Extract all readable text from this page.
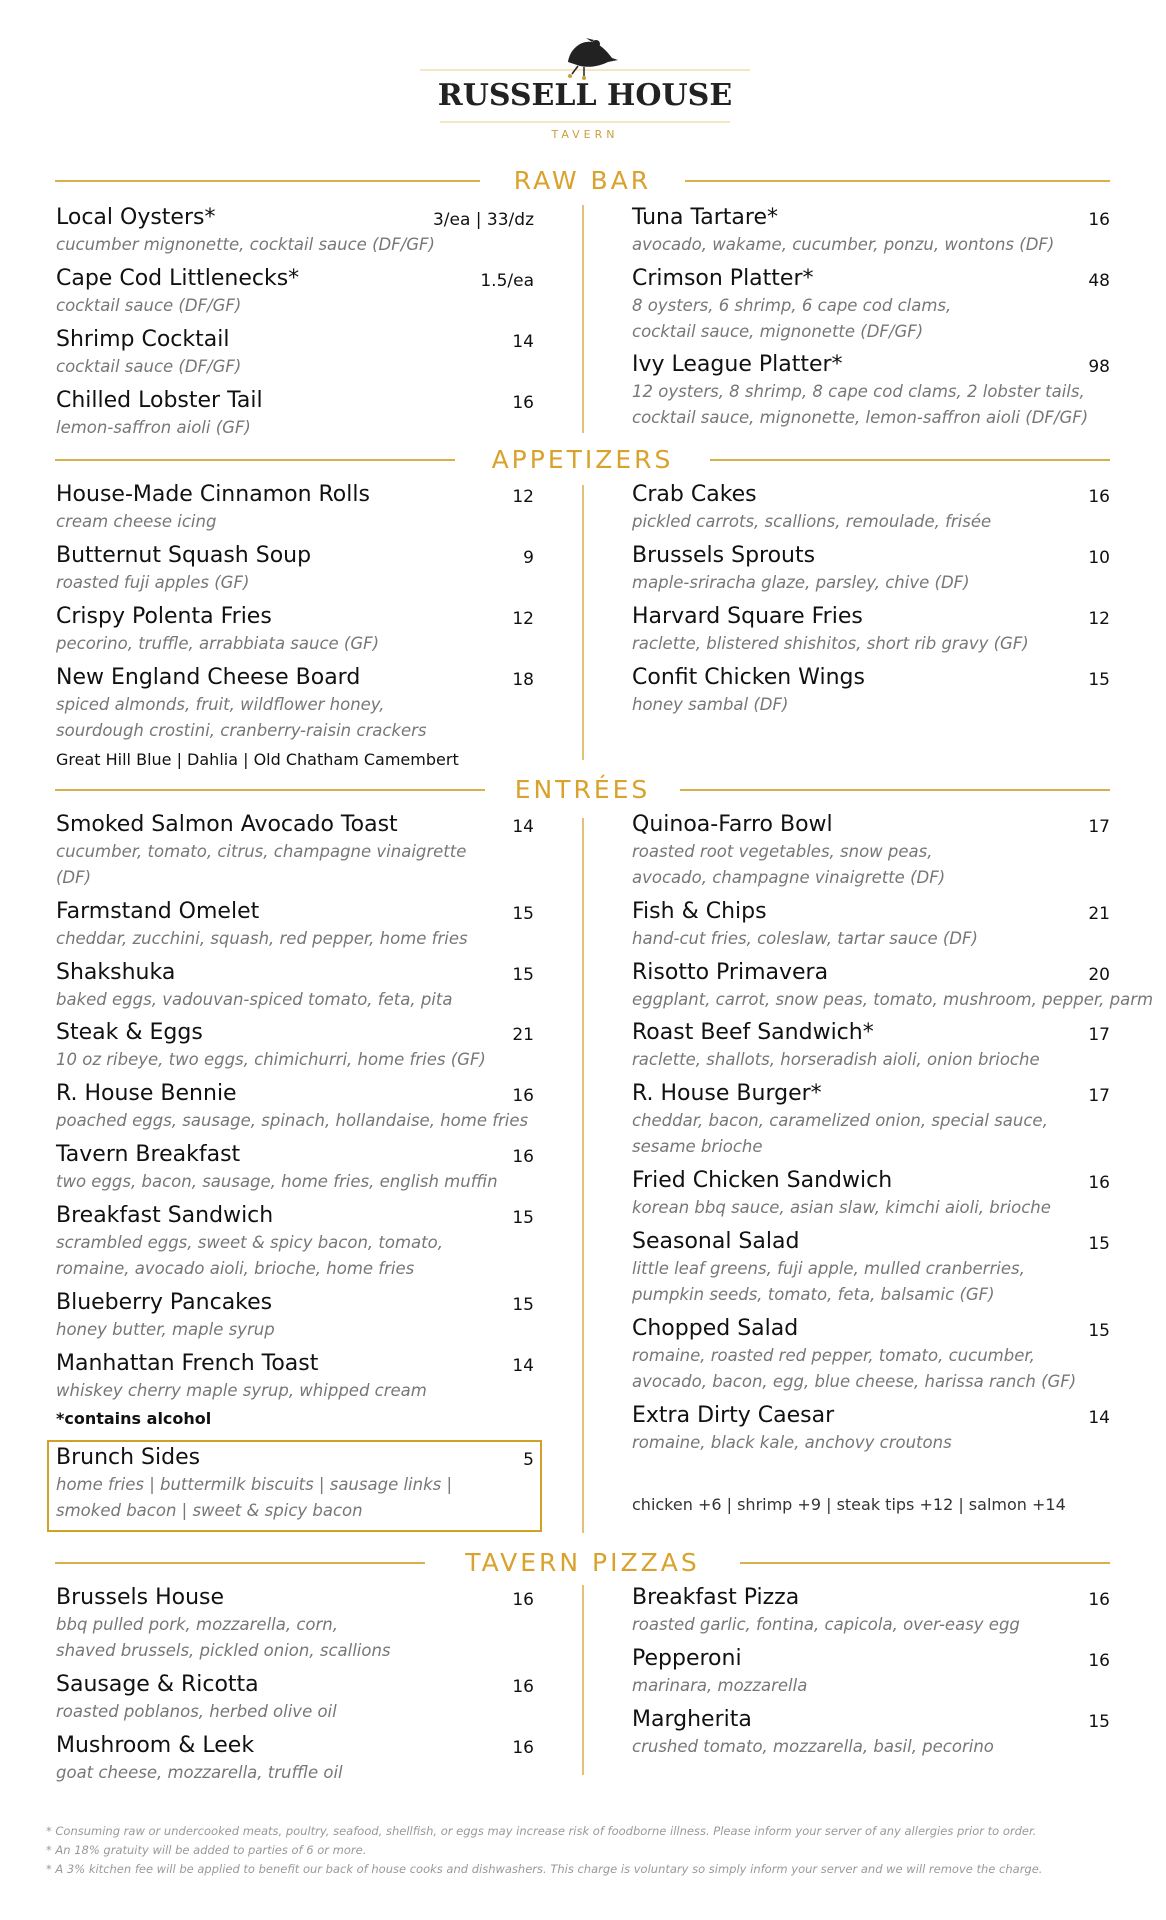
RUSSELL HOUSE
TAVERN
RAW BAR
APPETIZERS
ENTRÉES
TAVERN PIZZAS
Local Oysters*
cucumber mignonette, cocktail sauce (DF/GF)
3/ea | 33/dz
Cape Cod Littlenecks*
cocktail sauce (DF/GF)
1.5/ea
Shrimp Cocktail
cocktail sauce (DF/GF)
14
Chilled Lobster Tail
lemon-saffron aioli (GF)
16
Tuna Tartare*
avocado, wakame, cucumber, ponzu, wontons (DF)
16
Crimson Platter*
8 oysters, 6 shrimp, 6 cape cod clams,
cocktail sauce, mignonette (DF/GF)
48
Ivy League Platter*
12 oysters, 8 shrimp, 8 cape cod clams, 2 lobster tails,
cocktail sauce, mignonette, lemon-saffron aioli (DF/GF)
98
House-Made Cinnamon Rolls
cream cheese icing
12
Butternut Squash Soup
roasted fuji apples (GF)
9
Crispy Polenta Fries
pecorino, truffle, arrabbiata sauce (GF)
12
New England Cheese Board
spiced almonds, fruit, wildflower honey,
sourdough crostini, cranberry-raisin crackers
18
Great Hill Blue | Dahlia | Old Chatham Camembert
Crab Cakes
pickled carrots, scallions, remoulade, frisée
16
Brussels Sprouts
maple-sriracha glaze, parsley, chive (DF)
10
Harvard Square Fries
raclette, blistered shishitos, short rib gravy (GF)
12
Confit Chicken Wings
honey sambal (DF)
15
Smoked Salmon Avocado Toast
cucumber, tomato, citrus, champagne vinaigrette
(DF)
14
Farmstand Omelet
cheddar, zucchini, squash, red pepper, home fries
15
Shakshuka
baked eggs, vadouvan-spiced tomato, feta, pita
15
Steak & Eggs
10 oz ribeye, two eggs, chimichurri, home fries (GF)
21
R. House Bennie
poached eggs, sausage, spinach, hollandaise, home fries
16
Tavern Breakfast
two eggs, bacon, sausage, home fries, english muffin
16
Breakfast Sandwich
scrambled eggs, sweet & spicy bacon, tomato,
romaine, avocado aioli, brioche, home fries
15
Blueberry Pancakes
honey butter, maple syrup
15
Manhattan French Toast
whiskey cherry maple syrup, whipped cream
14
*contains alcohol
Brunch Sides
home fries | buttermilk biscuits | sausage links |
smoked bacon | sweet & spicy bacon
5
Quinoa-Farro Bowl
roasted root vegetables, snow peas,
avocado, champagne vinaigrette (DF)
17
Fish & Chips
hand-cut fries, coleslaw, tartar sauce (DF)
21
Risotto Primavera
eggplant, carrot, snow peas, tomato, mushroom, pepper, parm
20
Roast Beef Sandwich*
raclette, shallots, horseradish aioli, onion brioche
17
R. House Burger*
cheddar, bacon, caramelized onion, special sauce,
sesame brioche
17
Fried Chicken Sandwich
korean bbq sauce, asian slaw, kimchi aioli, brioche
16
Seasonal Salad
little leaf greens, fuji apple, mulled cranberries,
pumpkin seeds, tomato, feta, balsamic (GF)
15
Chopped Salad
romaine, roasted red pepper, tomato, cucumber,
avocado, bacon, egg, blue cheese, harissa ranch (GF)
15
Extra Dirty Caesar
romaine, black kale, anchovy croutons
14
chicken +6 | shrimp +9 | steak tips +12 | salmon +14
Brussels House
bbq pulled pork, mozzarella, corn,
shaved brussels, pickled onion, scallions
16
Sausage & Ricotta
roasted poblanos, herbed olive oil
16
Mushroom & Leek
goat cheese, mozzarella, truffle oil
16
Breakfast Pizza
roasted garlic, fontina, capicola, over-easy egg
16
Pepperoni
marinara, mozzarella
16
Margherita
crushed tomato, mozzarella, basil, pecorino
15
* Consuming raw or undercooked meats, poultry, seafood, shellfish, or eggs may increase risk of foodborne illness. Please inform your server of any allergies prior to order.
* An 18% gratuity will be added to parties of 6 or more.
* A 3% kitchen fee will be applied to benefit our back of house cooks and dishwashers. This charge is voluntary so simply inform your server and we will remove the charge.
